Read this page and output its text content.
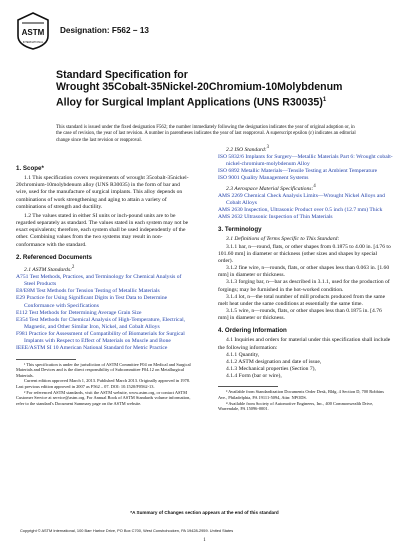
ASTM
INTERNATIONAL
Designation: F562 − 13
Standard Specification for
Wrought 35Cobalt-35Nickel-20Chromium-10Molybdenum
Alloy for Surgical Implant Applications (UNS R30035)$^1$
This standard is issued under the fixed designation F562; the number immediately following the designation indicates the year of original adoption or, in the case of revision, the year of last revision. A number in parentheses indicates the year of last reapproval. A superscript epsilon (ε) indicates an editorial change since the last revision or reapproval.

1. Scope*

1.1 This specification covers requirements of wrought 35cobalt-35nickel-20chromium-10molybdenum alloy (UNS R30035) in the form of bar and wire, used for the manufacture of surgical implants. This alloy depends on combinations of work strengthening and aging to attain a variety of combinations of strength and ductility.

1.2 The values stated in either SI units or inch-pound units are to be regarded separately as standard. The values stated in each system may not be exact equivalents; therefore, each system shall be used independently of the other. Combining values from the two systems may result in non-conformance with the standard.

2. Referenced Documents

2.1 ASTM Standards:$^2$

A751 Test Methods, Practices, and Terminology for Chemical Analysis of Steel Products

E8/E8M Test Methods for Tension Testing of Metallic Materials

E29 Practice for Using Significant Digits in Test Data to Determine Conformance with Specifications

E112 Test Methods for Determining Average Grain Size

E354 Test Methods for Chemical Analysis of High-Temperature, Electrical, Magnetic, and Other Similar Iron, Nickel, and Cobalt Alloys

F981 Practice for Assessment of Compatibility of Biomaterials for Surgical Implants with Respect to Effect of Materials on Muscle and Bone

IEEE/ASTM SI 10 American National Standard for Metric Practice

¹ This specification is under the jurisdiction of ASTM Committee F04 on Medical and Surgical Materials and Devices and is the direct responsibility of Subcommittee F04.12 on Metallurgical Materials.

Current edition approved March 1, 2013. Published March 2013. Originally approved in 1978. Last previous edition approved in 2007 as F562 – 07. DOI: 10.1520/F0562-13.

² For referenced ASTM standards, visit the ASTM website, www.astm.org, or contact ASTM Customer Service at service@astm.org. For Annual Book of ASTM Standards volume information, refer to the standard's Document Summary page on the ASTM website.

2.2 ISO Standard:$^3$

ISO 5832/6 Implants for Surgery—Metallic Materials Part 6: Wrought cobalt-nickel-chromium-molybdenum Alloy

ISO 6892 Metallic Materials—Tensile Testing at Ambient Temperature

ISO 9001 Quality Management Systems

2.3 Aerospace Material Specifications:$^4$

AMS 2269 Chemical Check Analysis Limits—Wrought Nickel Alloys and Cobalt Alloys

AMS 2630 Inspection, Ultrasonic Product over 0.5 inch (12.7 mm) Thick

AMS 2632 Ultrasonic Inspection of Thin Materials

3. Terminology

3.1 Definitions of Terms Specific to This Standard:

3.1.1 bar, n—round, flats, or other shapes from 0.1875 to 4.00 in. [4.76 to 101.60 mm] in diameter or thickness (other sizes and shapes by special order).

3.1.2 fine wire, n—rounds, flats, or other shapes less than 0.063 in. [1.60 mm] in diameter or thickness.

3.1.3 forging bar, n—bar as described in 3.1.1, used for the production of forgings; may be furnished in the hot-worked condition.

3.1.4 lot, n—the total number of mill products produced from the same melt heat under the same conditions at essentially the same time.

3.1.5 wire, n—rounds, flats, or other shapes less than 0.1875 in. [4.76 mm] in diameter or thickness.

4. Ordering Information

4.1 Inquiries and orders for material under this specification shall include the following information:

4.1.1 Quantity,

4.1.2 ASTM designation and date of issue,

4.1.3 Mechanical properties (Section 7),

4.1.4 Form (bar or wire),

³ Available from Standardization Documents Order Desk, Bldg. 4 Section D, 700 Robbins Ave., Philadelphia, PA 19111-5094, Attn: NPODS.

⁴ Available from Society of Automotive Engineers, Inc., 400 Commonwealth Drive, Warrendale, PA 15096-0001.

*A Summary of Changes section appears at the end of this standard
Copyright © ASTM International, 100 Barr Harbor Drive, PO Box C700, West Conshohocken, PA 19428-2959. United States
1
